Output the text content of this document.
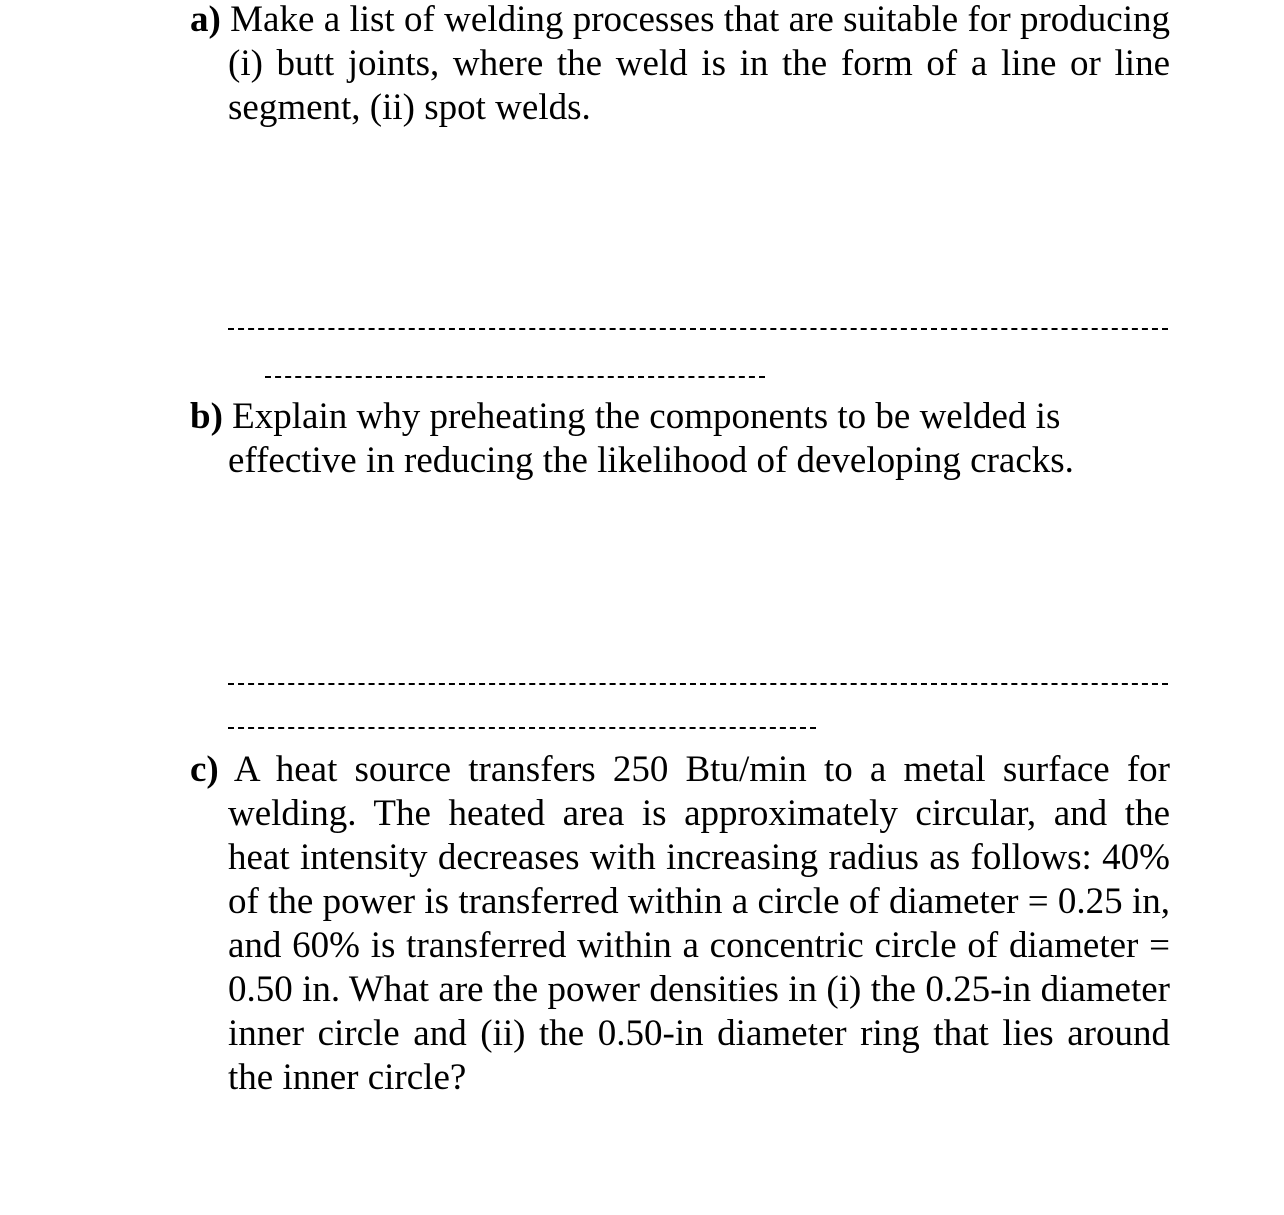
a) Make a list of welding processes that are suitable for producing (i) butt joints, where the weld is in the form of a line or line segment, (ii) spot welds.
b) Explain why preheating the components to be welded is effective in reducing the likelihood of developing cracks.
c) A heat source transfers 250 Btu/min to a metal surface for welding. The heated area is approximately circular, and the heat intensity decreases with increasing radius as follows: 40% of the power is transferred within a circle of diameter = 0.25 in, and 60% is transferred within a concentric circle of diameter = 0.50 in. What are the power densities in (i) the 0.25-in diameter inner circle and (ii) the 0.50-in diameter ring that lies around the inner circle?
